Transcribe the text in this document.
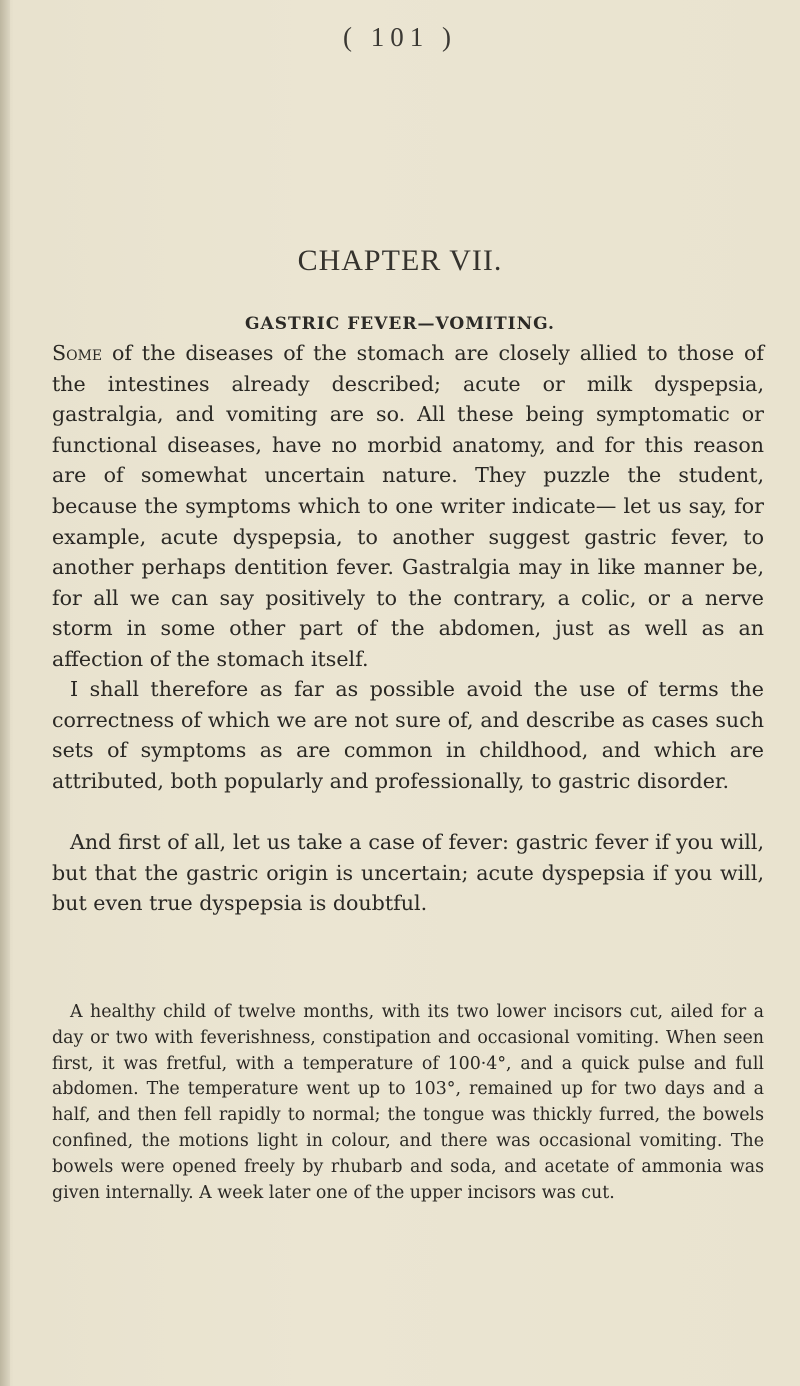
( 101 )
CHAPTER VII.
GASTRIC FEVER—VOMITING.

Some of the diseases of the stomach are closely allied to those of the intestines already described; acute or milk dyspepsia, gastralgia, and vomiting are so. All these being symptomatic or functional diseases, have no morbid anatomy, and for this reason are of somewhat uncertain nature. They puzzle the student, because the symptoms which to one writer indicate— let us say, for example, acute dyspepsia, to another suggest gastric fever, to another perhaps dentition fever. Gastralgia may in like manner be, for all we can say positively to the contrary, a colic, or a nerve storm in some other part of the abdomen, just as well as an affection of the stomach itself.

I shall therefore as far as possible avoid the use of terms the correctness of which we are not sure of, and describe as cases such sets of symptoms as are common in childhood, and which are attributed, both popularly and professionally, to gastric disorder.

And first of all, let us take a case of fever: gastric fever if you will, but that the gastric origin is uncertain; acute dyspepsia if you will, but even true dyspepsia is doubtful.

A healthy child of twelve months, with its two lower incisors cut, ailed for a day or two with feverishness, constipation and occasional vomiting. When seen first, it was fretful, with a temperature of 100·4°, and a quick pulse and full abdomen. The temperature went up to 103°, remained up for two days and a half, and then fell rapidly to normal; the tongue was thickly furred, the bowels confined, the motions light in colour, and there was occasional vomiting. The bowels were opened freely by rhubarb and soda, and acetate of ammonia was given internally. A week later one of the upper incisors was cut.
